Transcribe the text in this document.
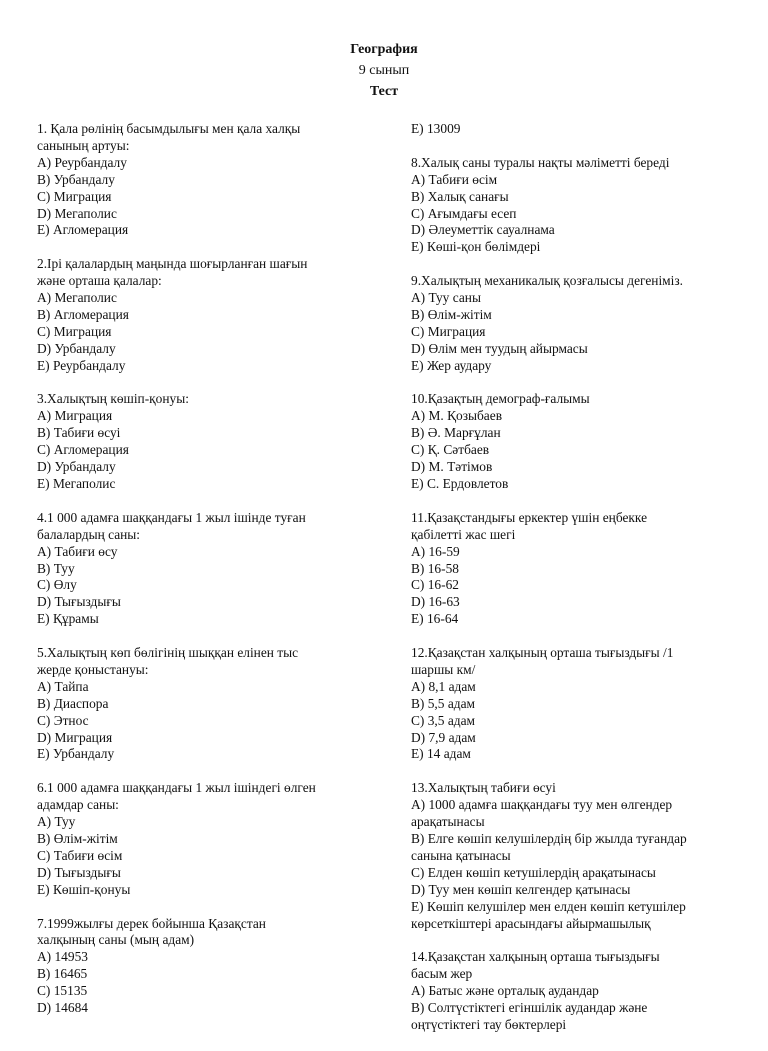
География
9 сынып
Тест
1. Қала рөлінің басымдылығы мен қала халқы
санының артуы:
А) Реурбандалу
В) Урбандалу
С) Миграция
D) Мегаполис
Е) Агломерация
2.Ірі қалалардың маңында шоғырланған шағын
және орташа қалалар:
А) Мегаполис
В) Агломерация
С) Миграция
D) Урбандалу
Е) Реурбандалу
3.Халықтың көшіп-қонуы:
А) Миграция
В) Табиғи өсуі
С) Агломерация
D) Урбандалу
Е) Мегаполис
4.1 000 адамға шаққандағы 1 жыл ішінде туған
балалардың саны:
А) Табиғи өсу
В) Туу
С) Өлу
D) Тығыздығы
Е) Құрамы
5.Халықтың көп бөлігінің шыққан елінен тыс
жерде қоныстануы:
А) Тайпа
В) Диаспора
С) Этнос
D) Миграция
Е) Урбандалу
6.1 000 адамға шаққандағы 1 жыл ішіндегі өлген
адамдар саны:
А) Туу
В) Өлім-жітім
С) Табиғи өсім
D) Тығыздығы
Е) Көшіп-қонуы
7.1999жылғы дерек бойынша Қазақстан
халқының саны (мың адам)
А) 14953
В) 16465
С) 15135
D) 14684
Е) 13009
8.Халық саны туралы нақты мәліметті береді
А) Табиғи өсім
В) Халық санағы
С) Ағымдағы есеп
D) Әлеуметтік сауалнама
Е) Көші-қон бөлімдері
9.Халықтың механикалық қозғалысы дегеніміз.
А) Туу саны
В) Өлім-жітім
С) Миграция
D) Өлім мен туудың айырмасы
Е) Жер аудару
10.Қазақтың демограф-ғалымы
А) М. Қозыбаев
В) Ә. Марғұлан
С) Қ. Сәтбаев
D) М. Тәтімов
Е) С. Ердовлетов
11.Қазақстандығы еркектер үшін еңбекке
қабілетті жас шегі
А) 16-59
В) 16-58
С) 16-62
D) 16-63
Е) 16-64
12.Қазақстан халқының орташа тығыздығы /1
шаршы км/
А) 8,1 адам
В) 5,5 адам
С) 3,5 адам
D) 7,9 адам
Е) 14 адам
13.Халықтың табиғи өсуі
А) 1000 адамға шаққандағы туу мен өлгендер
арақатынасы
В) Елге көшіп келушілердің бір жылда туғандар
санына қатынасы
С) Елден көшіп кетушілердің арақатынасы
D) Туу мен көшіп келгендер қатынасы
Е) Көшіп келушілер мен елден көшіп кетушілер
көрсеткіштері арасындағы айырмашылық
14.Қазақстан халқының орташа тығыздығы
басым жер
А) Батыс және орталық аудандар
В) Солтүстіктегі егіншілік аудандар және
оңтүстіктегі тау бөктерлері
